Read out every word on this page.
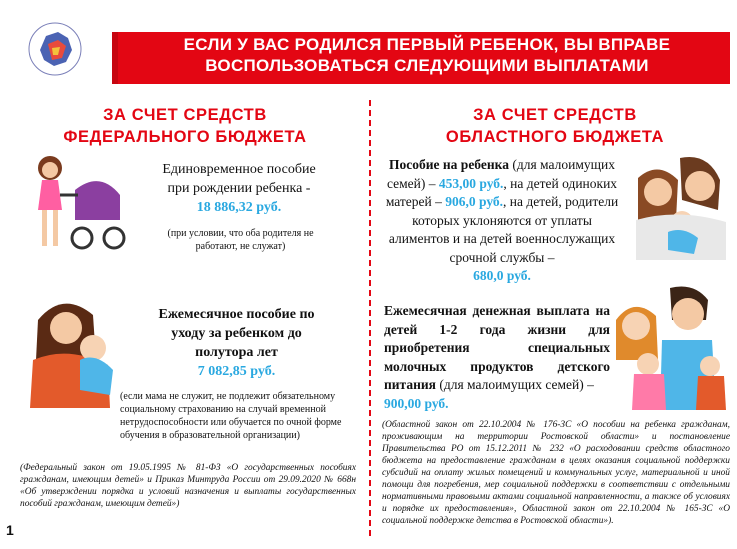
ЕСЛИ У ВАС РОДИЛСЯ ПЕРВЫЙ РЕБЕНОК, ВЫ ВПРАВЕ
ВОСПОЛЬЗОВАТЬСЯ СЛЕДУЮЩИМИ ВЫПЛАТАМИ
ЗА СЧЕТ СРЕДСТВ
ФЕДЕРАЛЬНОГО БЮДЖЕТА
ЗА СЧЕТ СРЕДСТВ
ОБЛАСТНОГО БЮДЖЕТА
Единовременное пособие
при рождении ребенка -
18 886,32 руб.
(при условии, что оба родителя не работают, не служат)
Ежемесячное пособие по
уходу за ребенком до
полутора лет
7 082,85 руб.
(если мама не служит, не подлежит обязательному социальному страхованию на случай временной нетрудоспособности или обучается по очной форме обучения в образовательной организации)
(Федеральный закон от 19.05.1995 № 81-ФЗ «О государственных пособиях гражданам, имеющим детей» и Приказ Минтруда России от 29.09.2020 № 668н «Об утверждении порядка и условий назначения и выплаты государственных пособий гражданам, имеющим детей»)
Пособие на ребенка (для малоимущих семей) – 453,00 руб., на детей одиноких матерей – 906,0 руб., на детей, родители которых уклоняются от уплаты алиментов и на детей военнослужащих срочной службы –
680,0 руб.
Ежемесячная денежная выплата на детей 1-2 года жизни для приобретения специальных молочных продуктов детского питания (для малоимущих семей) –
900,00 руб.
(Областной закон от 22.10.2004 № 176-ЗС «О пособии на ребенка гражданам, проживающим на территории Ростовской области» и постановление Правительства РО от 15.12.2011 № 232 «О расходовании средств областного бюджета на предоставление гражданам в целях оказания социальной поддержки субсидий на оплату жилых помещений и коммунальных услуг, материальной и иной помощи для погребения, мер социальной поддержки в соответствии с отдельными нормативными правовыми актами социальной направленности, а также об условиях и порядке их предоставления», Областной закон от 22.10.2004 № 165-ЗС «О социальной поддержке детства в Ростовской области»).
1
